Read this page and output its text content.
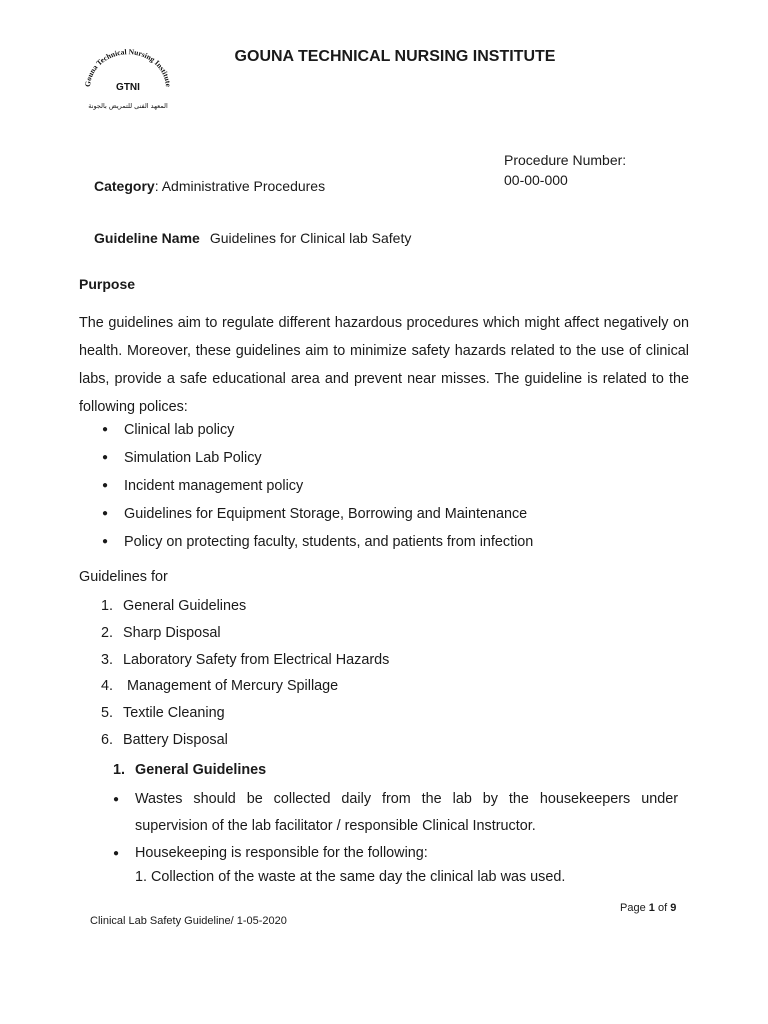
Gouna Technical Nursing Institut
GTNI
المعهد الفنى للتمريض بالجونة
GOUNA TECHNICAL NURSING INSTITUTE
Procedure Number:
00-00-000
Category: Administrative Procedures
Guideline Name Guidelines for Clinical lab Safety
Purpose
The guidelines aim to regulate different hazardous procedures which might affect negatively on health. Moreover, these guidelines aim to minimize safety hazards related to the use of clinical labs, provide a safe educational area and prevent near misses. The guideline is related to the following polices:
●	Clinical lab policy
●	Simulation Lab Policy
●	Incident management policy
●	Guidelines for Equipment Storage, Borrowing and Maintenance
●	Policy on protecting faculty, students, and patients from infection
Guidelines for
1. General Guidelines
2. Sharp Disposal
3. Laboratory Safety from Electrical Hazards
4. Management of Mercury Spillage
5. Textile Cleaning
6. Battery Disposal
1. General Guidelines
●	Wastes should be collected daily from the lab by the housekeepers under supervision of the lab facilitator / responsible Clinical Instructor.
●	Housekeeping is responsible for the following:
1. Collection of the waste at the same day the clinical lab was used.
Page 1 of 9
Clinical Lab Safety Guideline/ 1-05-2020
